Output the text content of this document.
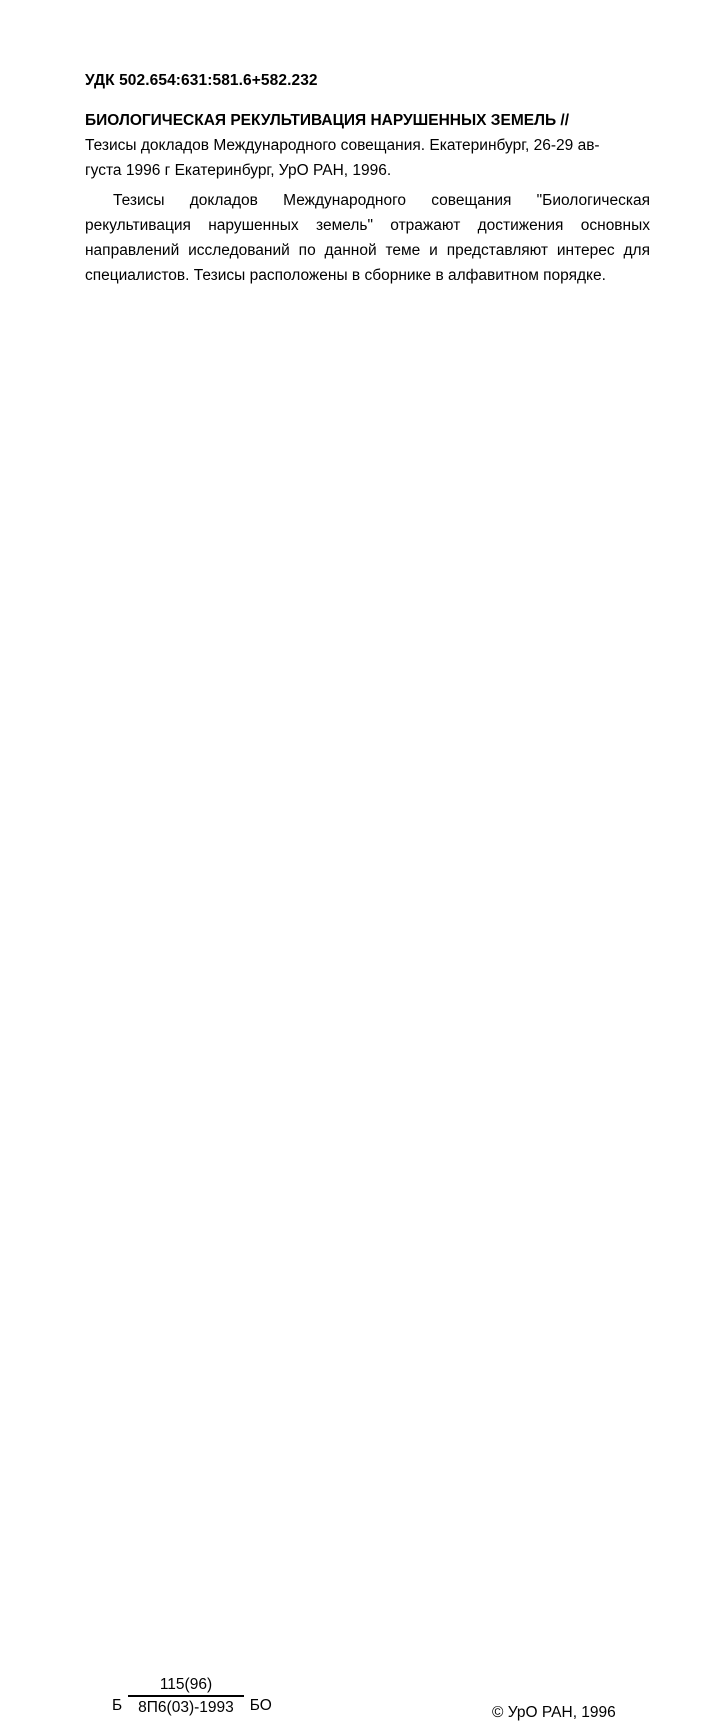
УДК 502.654:631:581.6+582.232
БИОЛОГИЧЕСКАЯ РЕКУЛЬТИВАЦИЯ НАРУШЕННЫХ ЗЕМЕЛЬ //
Тезисы докладов Международного совещания. Екатеринбург, 26-29 ав-
густа 1996 г Екатеринбург, УрО РАН, 1996.

Тезисы докладов Международного совещания "Биологическая рекультивация нарушенных земель" отражают достижения основных направлений исследований по данной теме и представляют интерес для специалистов. Тезисы расположены в сборнике в алфавитном порядке.

Б $\frac{115(96)}{8П6(03)-1993}$ БО	© УрО РАН, 1996
